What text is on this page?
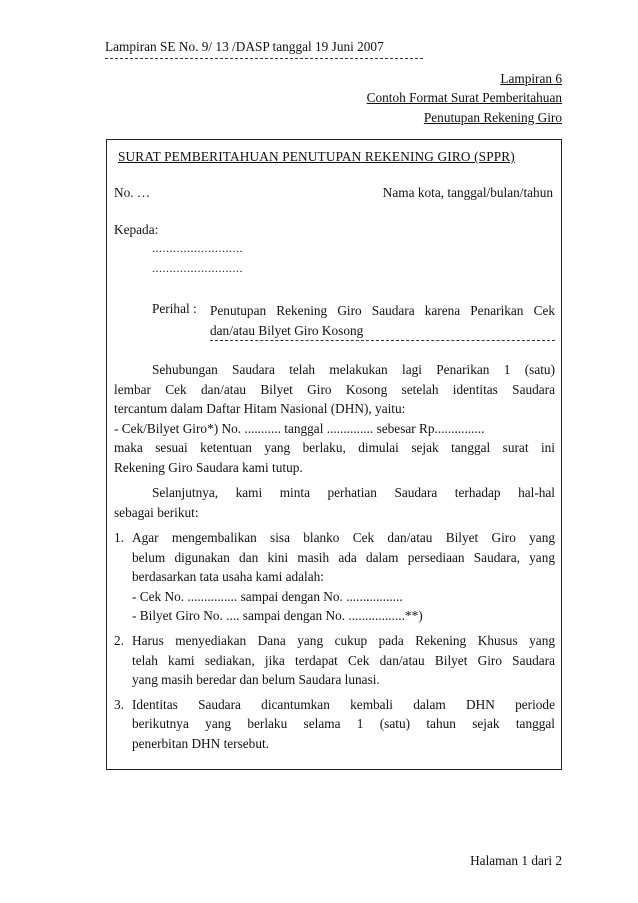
Lampiran SE No. 9/ 13 /DASP tanggal 19 Juni 2007
Lampiran 6
Contoh Format Surat Pemberitahuan
Penutupan Rekening Giro
SURAT PEMBERITAHUAN PENUTUPAN REKENING GIRO (SPPR)
No. …	Nama kota, tanggal/bulan/tahun
Kepada:
..........................
..........................
Perihal : Penutupan Rekening Giro Saudara karena Penarikan Cek
dan/atau Bilyet Giro Kosong
Sehubungan Saudara telah melakukan lagi Penarikan 1 (satu)
lembar Cek dan/atau Bilyet Giro Kosong setelah identitas Saudara
tercantum dalam Daftar Hitam Nasional (DHN), yaitu:
- Cek/Bilyet Giro*) No. ........... tanggal .............. sebesar Rp...............
maka sesuai ketentuan yang berlaku, dimulai sejak tanggal surat ini
Rekening Giro Saudara kami tutup.
Selanjutnya, kami minta perhatian Saudara terhadap hal-hal
sebagai berikut:
1. Agar mengembalikan sisa blanko Cek dan/atau Bilyet Giro yang
belum digunakan dan kini masih ada dalam persediaan Saudara, yang
berdasarkan tata usaha kami adalah:
- Cek No. ............... sampai dengan No. .................
- Bilyet Giro No. .... sampai dengan No. .................**)
2. Harus menyediakan Dana yang cukup pada Rekening Khusus yang
telah kami sediakan, jika terdapat Cek dan/atau Bilyet Giro Saudara
yang masih beredar dan belum Saudara lunasi.
3. Identitas Saudara dicantumkan kembali dalam DHN periode
berikutnya yang berlaku selama 1 (satu) tahun sejak tanggal
penerbitan DHN tersebut.
Halaman 1 dari 2
